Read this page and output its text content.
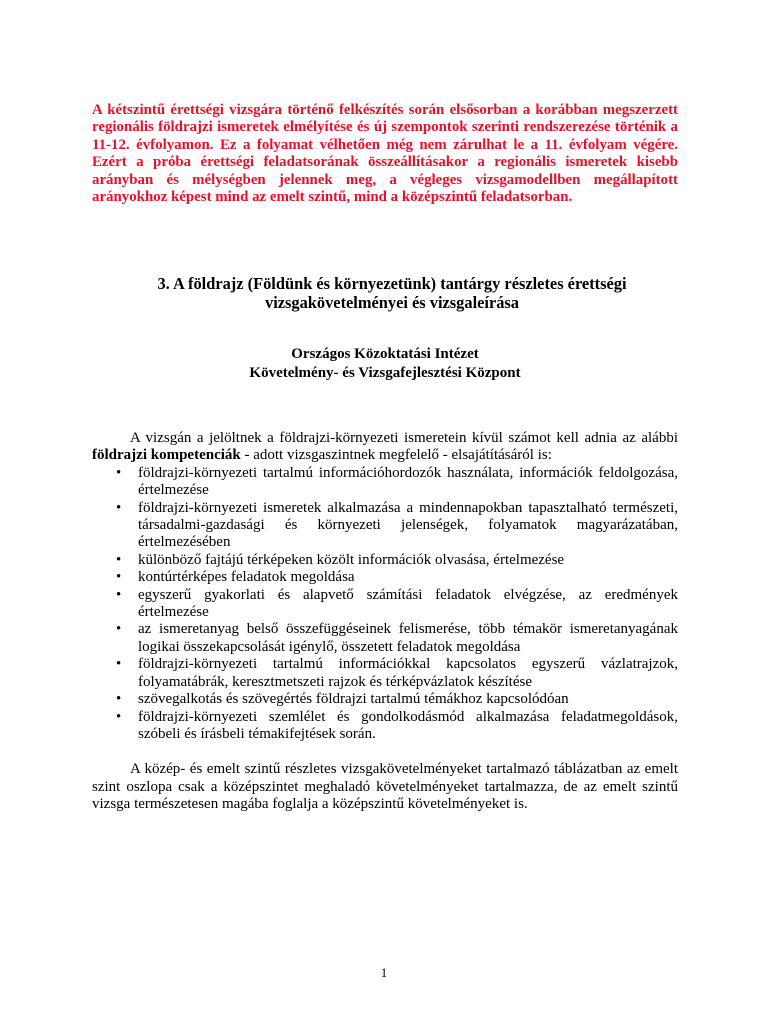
A kétszintű érettségi vizsgára történő felkészítés során elsősorban a korábban megszerzett regionális földrajzi ismeretek elmélyítése és új szempontok szerinti rendszerezése történik a 11-12. évfolyamon. Ez a folyamat vélhetően még nem zárulhat le a 11. évfolyam végére. Ezért a próba érettségi feladatsorának összeállításakor a regionális ismeretek kisebb arányban és mélységben jelennek meg, a végleges vizsgamodellben megállapított arányokhoz képest mind az emelt szintű, mind a középszintű feladatsorban.

3. A földrajz (Földünk és környezetünk) tantárgy részletes érettségi
vizsgakövetelményei és vizsgaleírása
Országos Közoktatási Intézet
Követelmény- és Vizsgafejlesztési Központ

A vizsgán a jelöltnek a földrajzi-környezeti ismeretein kívül számot kell adnia az alábbi földrajzi kompetenciák - adott vizsgaszintnek megfelelő - elsajátításáról is:

• földrajzi-környezeti tartalmú információhordozók használata, információk feldolgozása, értelmezése
• földrajzi-környezeti ismeretek alkalmazása a mindennapokban tapasztalható természeti, társadalmi-gazdasági és környezeti jelenségek, folyamatok magyarázatában, értelmezésében
• különböző fajtájú térképeken közölt információk olvasása, értelmezése
• kontúrtérképes feladatok megoldása
• egyszerű gyakorlati és alapvető számítási feladatok elvégzése, az eredmények értelmezése
• az ismeretanyag belső összefüggéseinek felismerése, több témakör ismeretanyagának logikai összekapcsolását igénylő, összetett feladatok megoldása
• földrajzi-környezeti tartalmú információkkal kapcsolatos egyszerű vázlatrajzok, folyamatábrák, keresztmetszeti rajzok és térképvázlatok készítése
• szövegalkotás és szövegértés földrajzi tartalmú témákhoz kapcsolódóan
• földrajzi-környezeti szemlélet és gondolkodásmód alkalmazása feladatmegoldások, szóbeli és írásbeli témakifejtések során.

A közép- és emelt szintű részletes vizsgakövetelményeket tartalmazó táblázatban az emelt szint oszlopa csak a középszintet meghaladó követelményeket tartalmazza, de az emelt szintű vizsga természetesen magába foglalja a középszintű követelményeket is.

1
